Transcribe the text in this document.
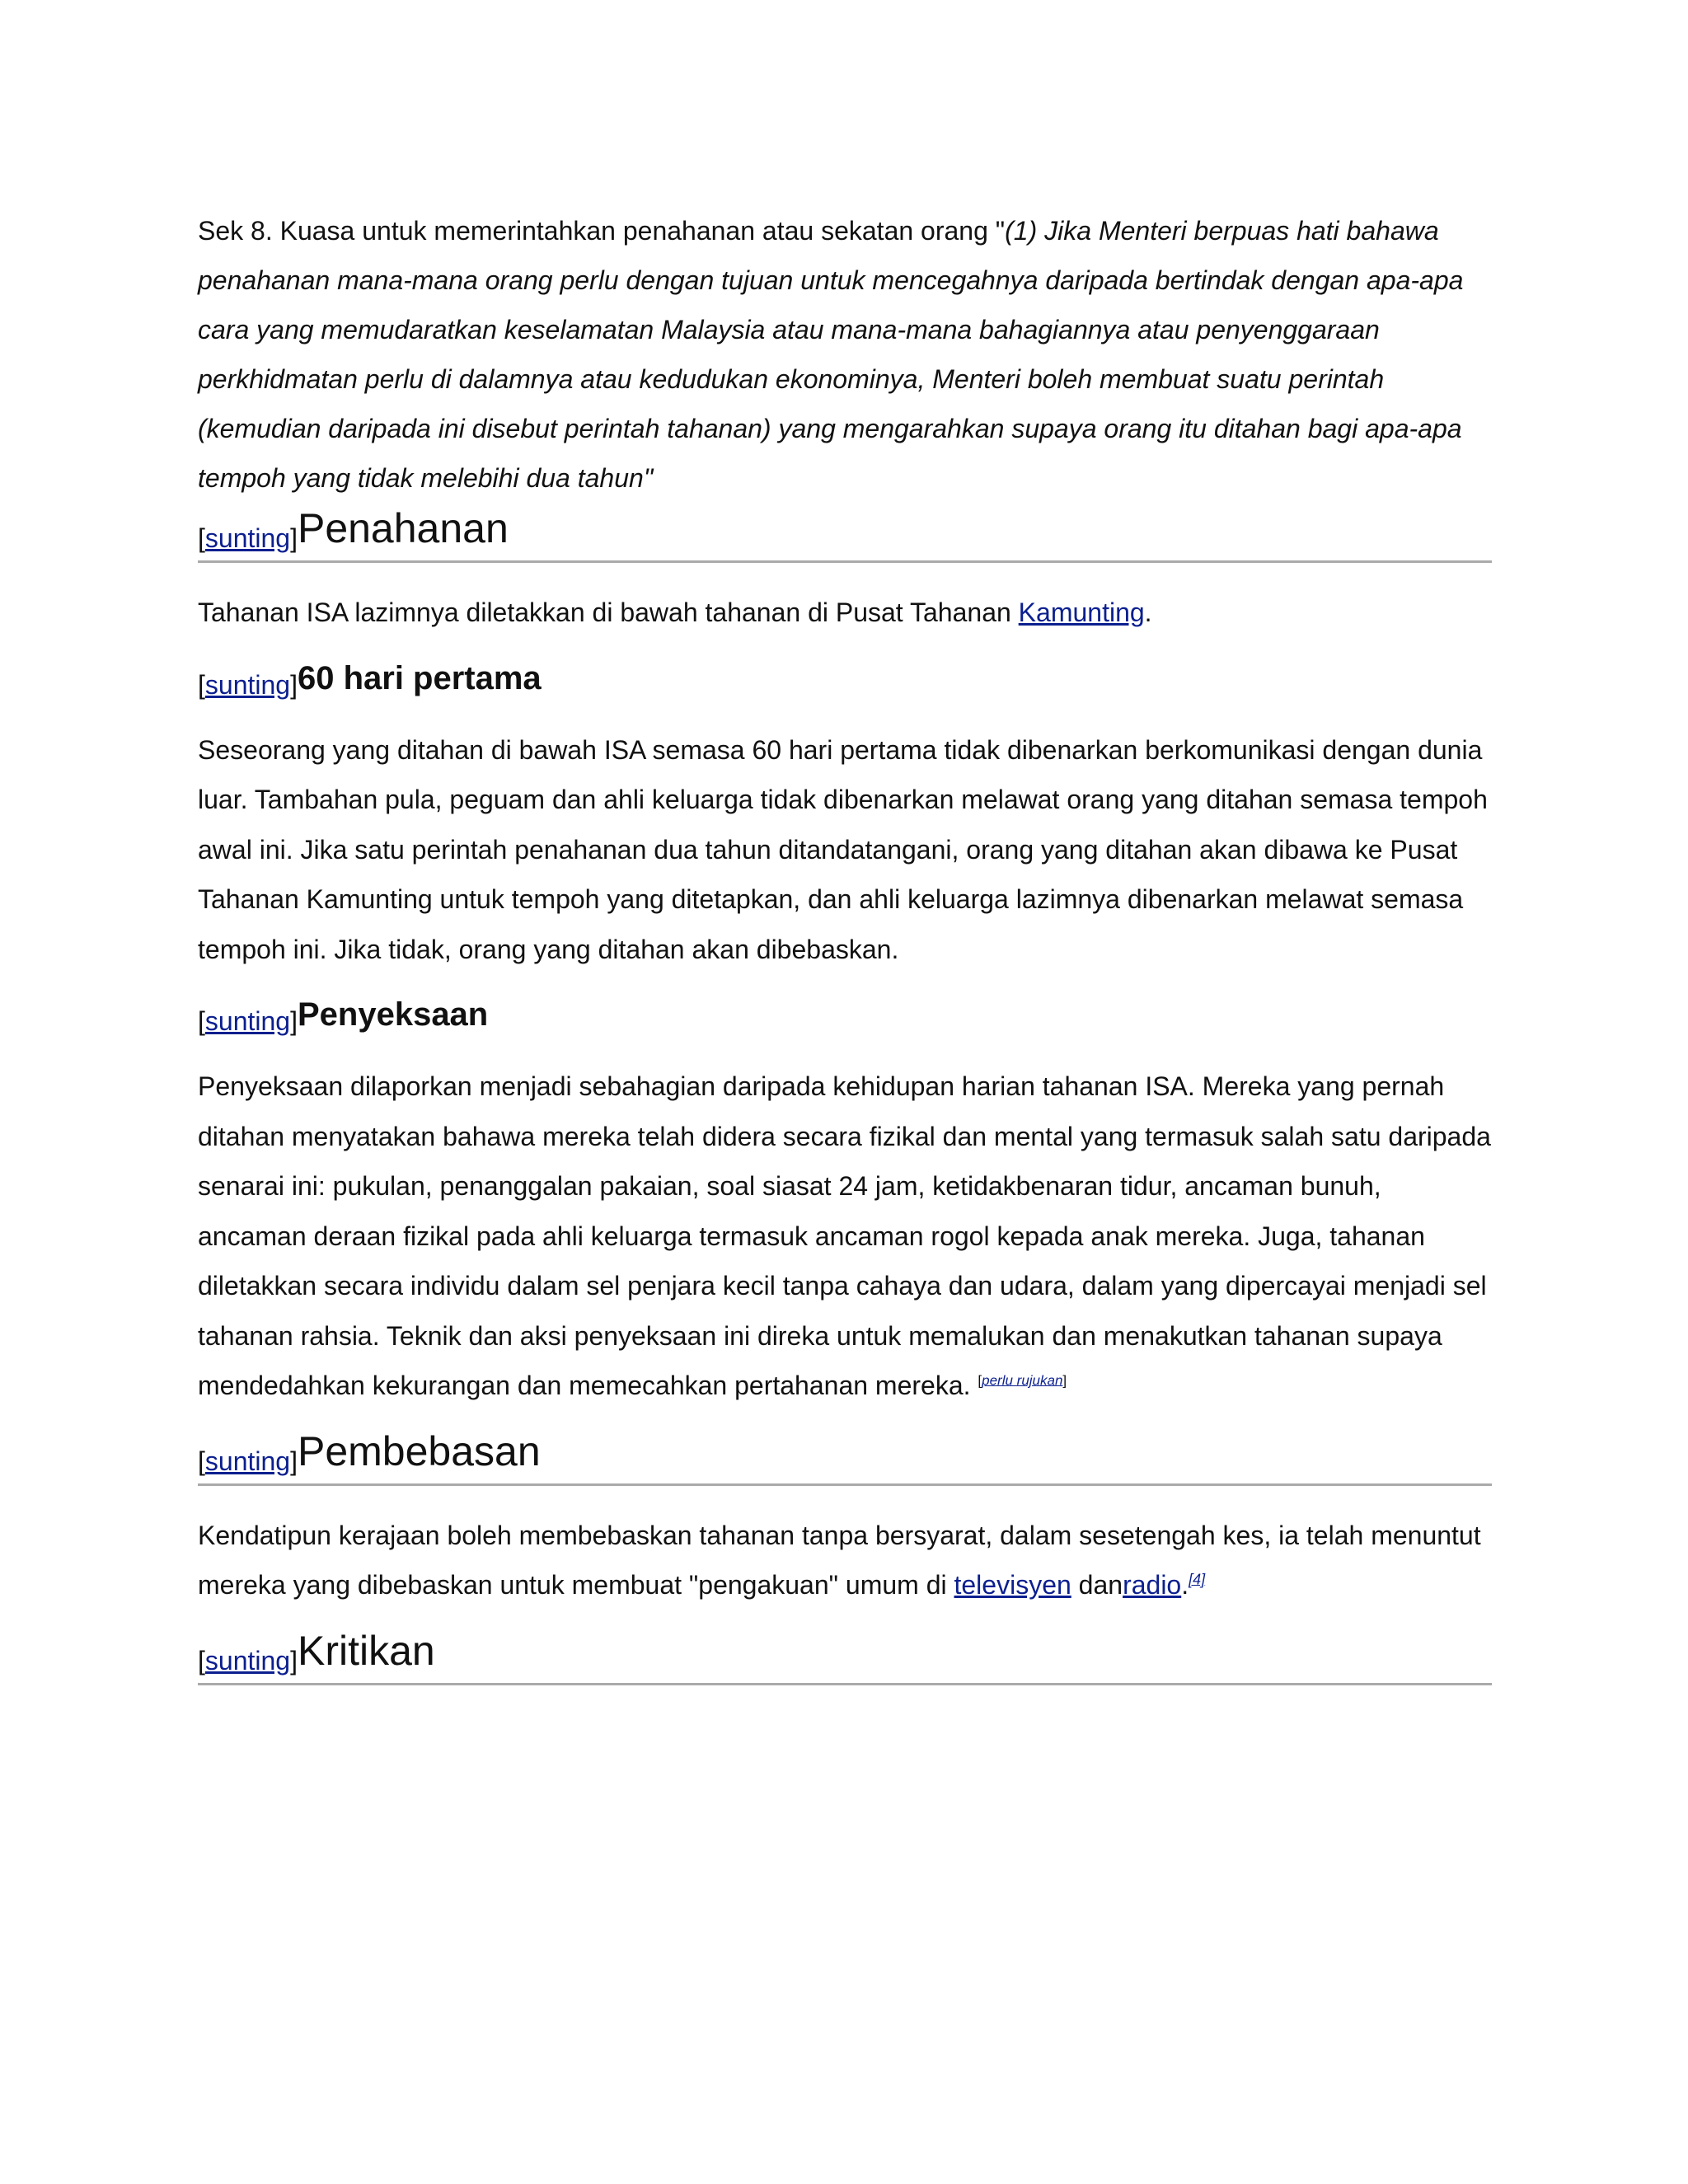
Sek 8. Kuasa untuk memerintahkan penahanan atau sekatan orang "(1) Jika Menteri berpuas hati bahawa penahanan mana-mana orang perlu dengan tujuan untuk mencegahnya daripada bertindak dengan apa-apa cara yang memudaratkan keselamatan Malaysia atau mana-mana bahagiannya atau penyenggaraan perkhidmatan perlu di dalamnya atau kedudukan ekonominya, Menteri boleh membuat suatu perintah (kemudian daripada ini disebut perintah tahanan) yang mengarahkan supaya orang itu ditahan bagi apa-apa tempoh yang tidak melebihi dua tahun"

[sunting]Penahanan

Tahanan ISA lazimnya diletakkan di bawah tahanan di Pusat Tahanan Kamunting.

[sunting]60 hari pertama

Seseorang yang ditahan di bawah ISA semasa 60 hari pertama tidak dibenarkan berkomunikasi dengan dunia luar. Tambahan pula, peguam dan ahli keluarga tidak dibenarkan melawat orang yang ditahan semasa tempoh awal ini. Jika satu perintah penahanan dua tahun ditandatangani, orang yang ditahan akan dibawa ke Pusat Tahanan Kamunting untuk tempoh yang ditetapkan, dan ahli keluarga lazimnya dibenarkan melawat semasa tempoh ini. Jika tidak, orang yang ditahan akan dibebaskan.

[sunting]Penyeksaan

Penyeksaan dilaporkan menjadi sebahagian daripada kehidupan harian tahanan ISA. Mereka yang pernah ditahan menyatakan bahawa mereka telah didera secara fizikal dan mental yang termasuk salah satu daripada senarai ini: pukulan, penanggalan pakaian, soal siasat 24 jam, ketidakbenaran tidur, ancaman bunuh, ancaman deraan fizikal pada ahli keluarga termasuk ancaman rogol kepada anak mereka. Juga, tahanan diletakkan secara individu dalam sel penjara kecil tanpa cahaya dan udara, dalam yang dipercayai menjadi sel tahanan rahsia. Teknik dan aksi penyeksaan ini direka untuk memalukan dan menakutkan tahanan supaya mendedahkan kekurangan dan memecahkan pertahanan mereka. [perlu rujukan]

[sunting]Pembebasan

Kendatipun kerajaan boleh membebaskan tahanan tanpa bersyarat, dalam sesetengah kes, ia telah menuntut mereka yang dibebaskan untuk membuat "pengakuan" umum di televisyen danradio.[4]

[sunting]Kritikan
